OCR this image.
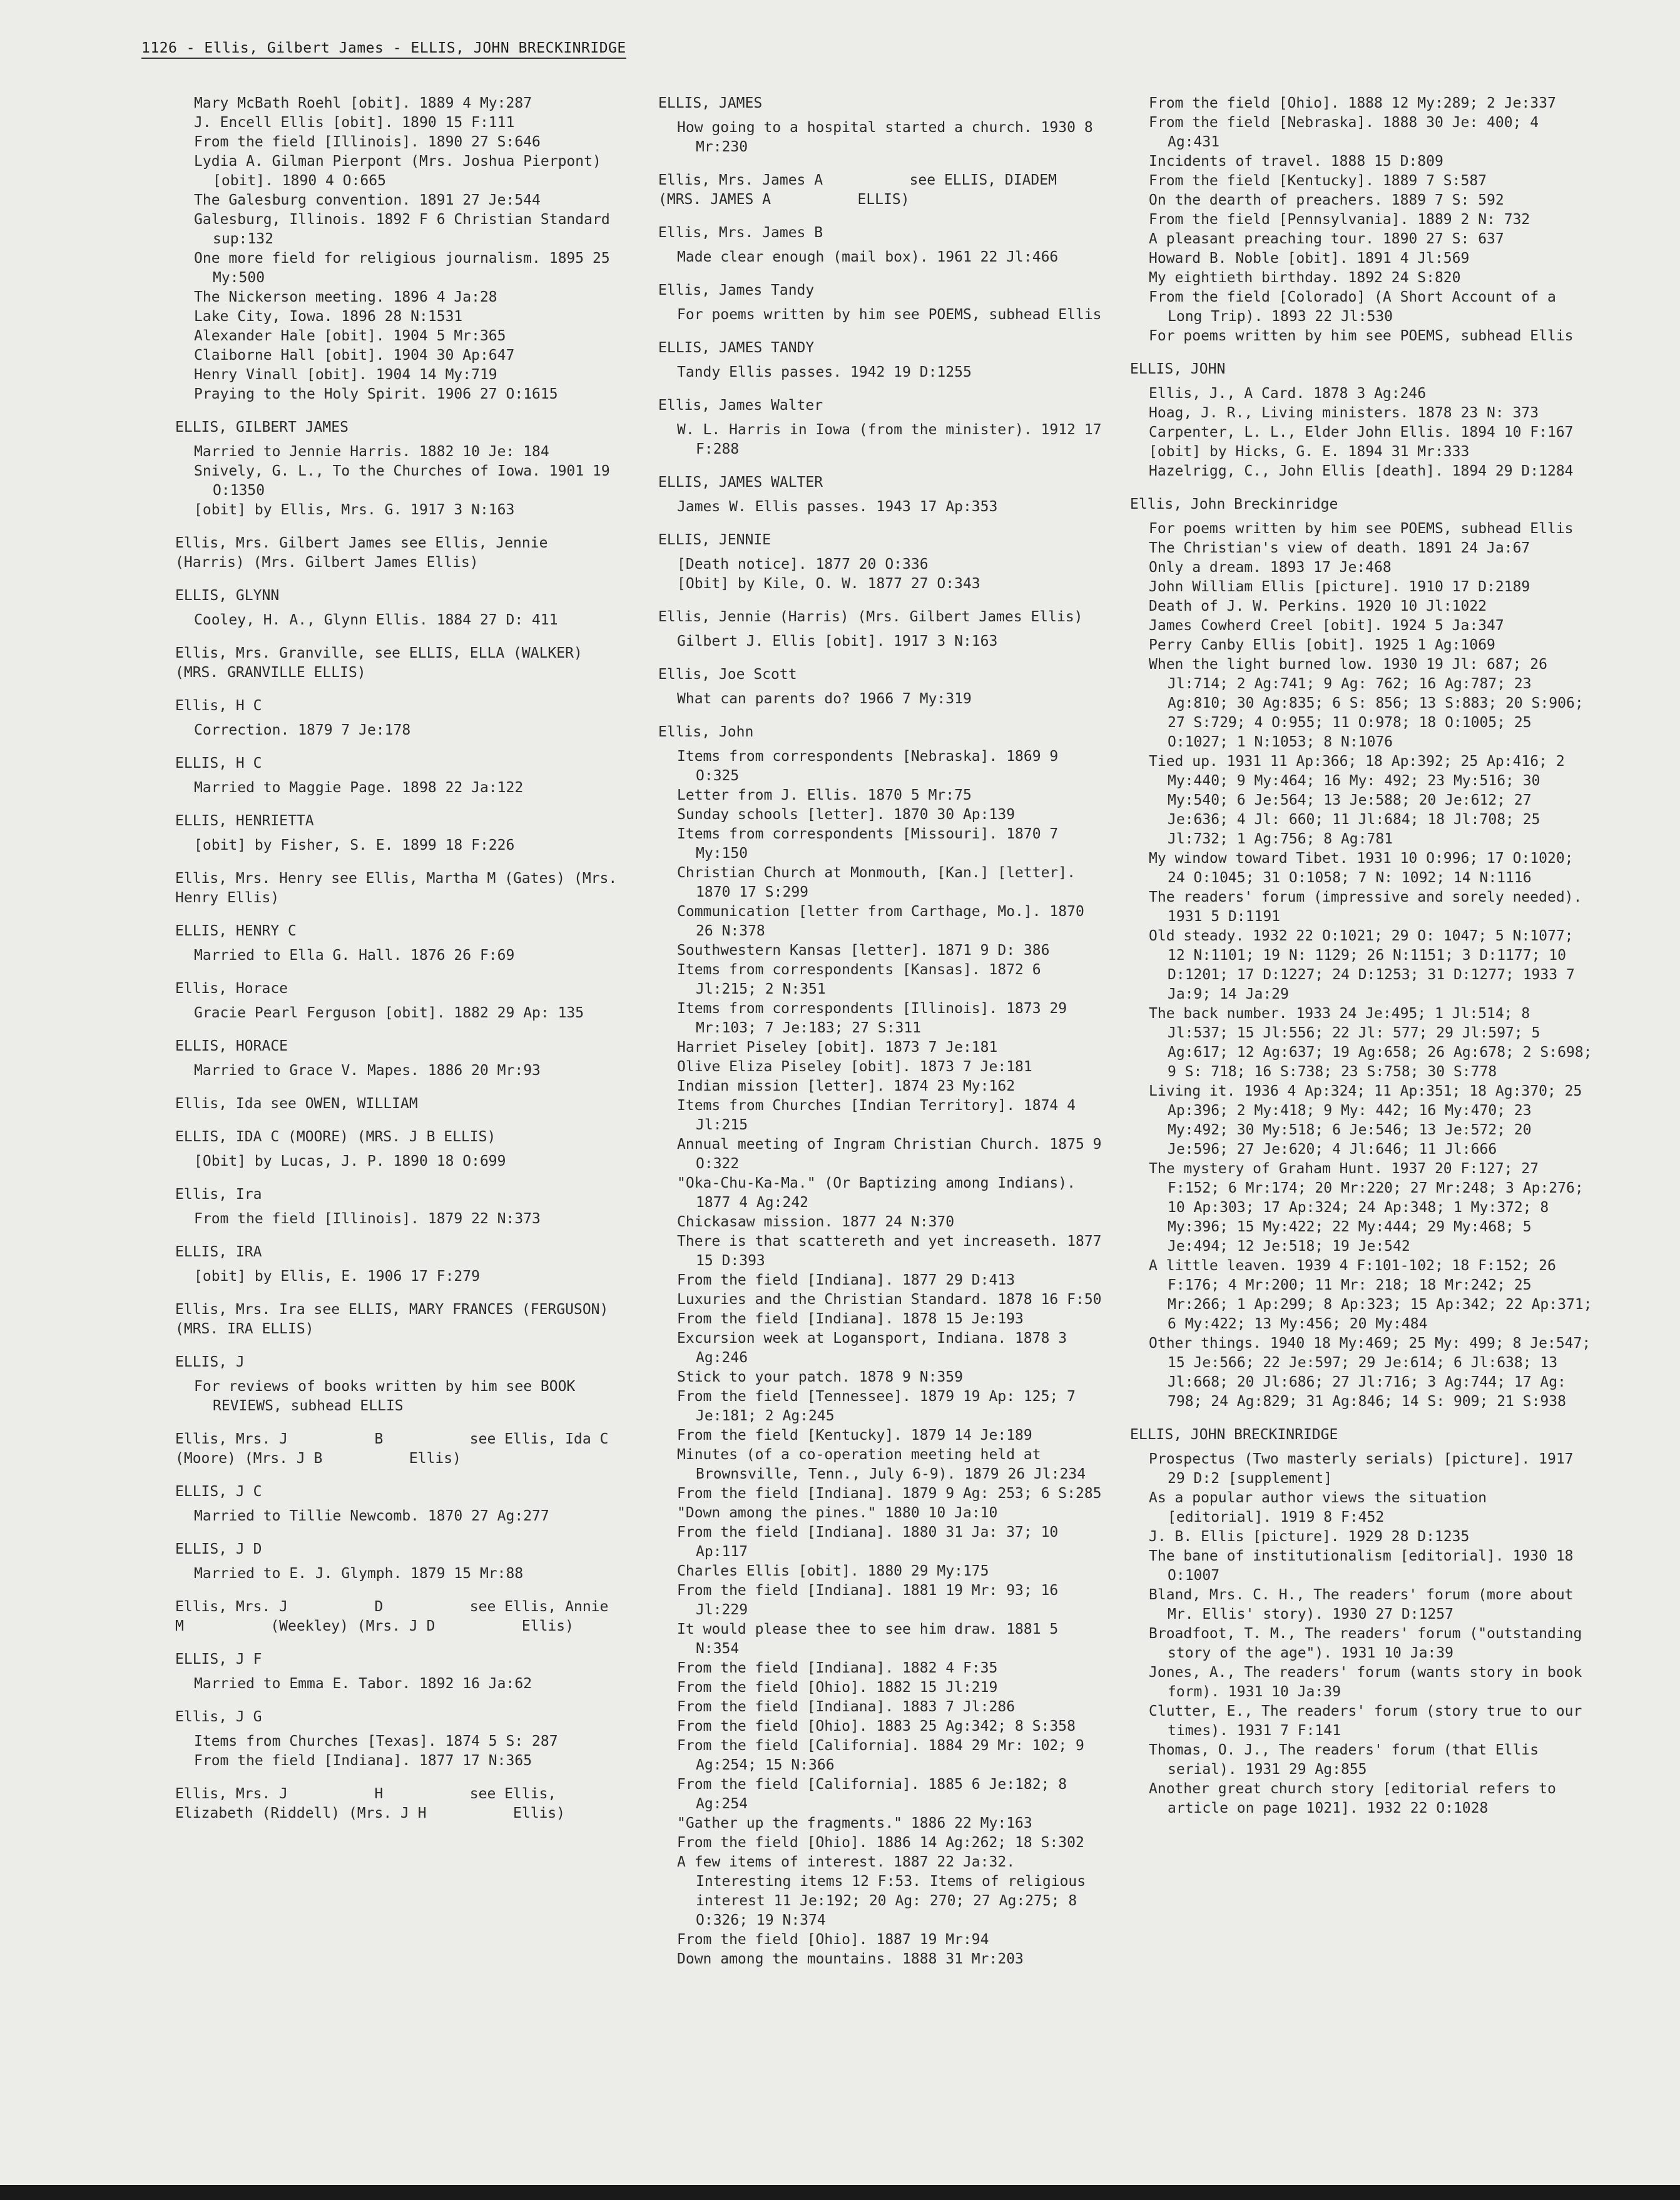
1126 - Ellis, Gilbert James - ELLIS, JOHN BRECKINRIDGE
Mary McBath Roehl [obit]. 1889 4 My:287
J. Encell Ellis [obit]. 1890 15 F:111
From the field [Illinois]. 1890 27 S:646
Lydia A. Gilman Pierpont (Mrs. Joshua Pierpont) [obit]. 1890 4 O:665
The Galesburg convention. 1891 27 Je:544
Galesburg, Illinois. 1892 F 6 Christian Standard sup:132
One more field for religious journalism. 1895 25 My:500
The Nickerson meeting. 1896 4 Ja:28
Lake City, Iowa. 1896 28 N:1531
Alexander Hale [obit]. 1904 5 Mr:365
Claiborne Hall [obit]. 1904 30 Ap:647
Henry Vinall [obit]. 1904 14 My:719
Praying to the Holy Spirit. 1906 27 O:1615
ELLIS, GILBERT JAMES
Married to Jennie Harris. 1882 10 Je: 184
Snively, G. L., To the Churches of Iowa. 1901 19 O:1350
[obit] by Ellis, Mrs. G. 1917 3 N:163
Ellis, Mrs. Gilbert James see Ellis, Jennie (Harris) (Mrs. Gilbert James Ellis)
ELLIS, GLYNN
Cooley, H. A., Glynn Ellis. 1884 27 D: 411
Ellis, Mrs. Granville, see ELLIS, ELLA (WALKER) (MRS. GRANVILLE ELLIS)
Ellis, H C
Correction. 1879 7 Je:178
ELLIS, H C
Married to Maggie Page. 1898 22 Ja:122
ELLIS, HENRIETTA
[obit] by Fisher, S. E. 1899 18 F:226
Ellis, Mrs. Henry see Ellis, Martha M (Gates) (Mrs. Henry Ellis)
ELLIS, HENRY C
Married to Ella G. Hall. 1876 26 F:69
Ellis, Horace
Gracie Pearl Ferguson [obit]. 1882 29 Ap: 135
ELLIS, HORACE
Married to Grace V. Mapes. 1886 20 Mr:93
Ellis, Ida see OWEN, WILLIAM
ELLIS, IDA C (MOORE) (MRS. J B ELLIS)
[Obit] by Lucas, J. P. 1890 18 O:699
Ellis, Ira
From the field [Illinois]. 1879 22 N:373
ELLIS, IRA
[obit] by Ellis, E. 1906 17 F:279
Ellis, Mrs. Ira see ELLIS, MARY FRANCES (FERGUSON) (MRS. IRA ELLIS)
ELLIS, J
For reviews of books written by him see BOOK REVIEWS, subhead ELLIS
Ellis, Mrs. J          B          see Ellis, Ida C          (Moore) (Mrs. J B          Ellis)
ELLIS, J C
Married to Tillie Newcomb. 1870 27 Ag:277
ELLIS, J D
Married to E. J. Glymph. 1879 15 Mr:88
Ellis, Mrs. J          D          see Ellis, Annie M          (Weekley) (Mrs. J D          Ellis)
ELLIS, J F
Married to Emma E. Tabor. 1892 16 Ja:62
Ellis, J G
Items from Churches [Texas]. 1874 5 S: 287
From the field [Indiana]. 1877 17 N:365
Ellis, Mrs. J          H          see Ellis, Elizabeth (Riddell) (Mrs. J H          Ellis)
ELLIS, JAMES
How going to a hospital started a church. 1930 8 Mr:230
Ellis, Mrs. James A          see ELLIS, DIADEM (MRS. JAMES A          ELLIS)
Ellis, Mrs. James B
Made clear enough (mail box). 1961 22 Jl:466
Ellis, James Tandy
For poems written by him see POEMS, subhead Ellis
ELLIS, JAMES TANDY
Tandy Ellis passes. 1942 19 D:1255
Ellis, James Walter
W. L. Harris in Iowa (from the minister). 1912 17 F:288
ELLIS, JAMES WALTER
James W. Ellis passes. 1943 17 Ap:353
ELLIS, JENNIE
[Death notice]. 1877 20 O:336
[Obit] by Kile, O. W. 1877 27 O:343
Ellis, Jennie (Harris) (Mrs. Gilbert James Ellis)
Gilbert J. Ellis [obit]. 1917 3 N:163
Ellis, Joe Scott
What can parents do? 1966 7 My:319
Ellis, John
Items from correspondents [Nebraska]. 1869 9 O:325
Letter from J. Ellis. 1870 5 Mr:75
Sunday schools [letter]. 1870 30 Ap:139
Items from correspondents [Missouri]. 1870 7 My:150
Christian Church at Monmouth, [Kan.] [letter]. 1870 17 S:299
Communication [letter from Carthage, Mo.]. 1870 26 N:378
Southwestern Kansas [letter]. 1871 9 D: 386
Items from correspondents [Kansas]. 1872 6 Jl:215; 2 N:351
Items from correspondents [Illinois]. 1873 29 Mr:103; 7 Je:183; 27 S:311
Harriet Piseley [obit]. 1873 7 Je:181
Olive Eliza Piseley [obit]. 1873 7 Je:181
Indian mission [letter]. 1874 23 My:162
Items from Churches [Indian Territory]. 1874 4 Jl:215
Annual meeting of Ingram Christian Church. 1875 9 O:322
"Oka-Chu-Ka-Ma." (Or Baptizing among Indians). 1877 4 Ag:242
Chickasaw mission. 1877 24 N:370
There is that scattereth and yet increaseth. 1877 15 D:393
From the field [Indiana]. 1877 29 D:413
Luxuries and the Christian Standard. 1878 16 F:50
From the field [Indiana]. 1878 15 Je:193
Excursion week at Logansport, Indiana. 1878 3 Ag:246
Stick to your patch. 1878 9 N:359
From the field [Tennessee]. 1879 19 Ap: 125; 7 Je:181; 2 Ag:245
From the field [Kentucky]. 1879 14 Je:189
Minutes (of a co-operation meeting held at Brownsville, Tenn., July 6-9). 1879 26 Jl:234
From the field [Indiana]. 1879 9 Ag: 253; 6 S:285
"Down among the pines." 1880 10 Ja:10
From the field [Indiana]. 1880 31 Ja: 37; 10 Ap:117
Charles Ellis [obit]. 1880 29 My:175
From the field [Indiana]. 1881 19 Mr: 93; 16 Jl:229
It would please thee to see him draw. 1881 5 N:354
From the field [Indiana]. 1882 4 F:35
From the field [Ohio]. 1882 15 Jl:219
From the field [Indiana]. 1883 7 Jl:286
From the field [Ohio]. 1883 25 Ag:342; 8 S:358
From the field [California]. 1884 29 Mr: 102; 9 Ag:254; 15 N:366
From the field [California]. 1885 6 Je:182; 8 Ag:254
"Gather up the fragments." 1886 22 My:163
From the field [Ohio]. 1886 14 Ag:262; 18 S:302
A few items of interest. 1887 22 Ja:32. Interesting items 12 F:53. Items of religious interest 11 Je:192; 20 Ag: 270; 27 Ag:275; 8 O:326; 19 N:374
From the field [Ohio]. 1887 19 Mr:94
Down among the mountains. 1888 31 Mr:203
From the field [Ohio]. 1888 12 My:289; 2 Je:337
From the field [Nebraska]. 1888 30 Je: 400; 4 Ag:431
Incidents of travel. 1888 15 D:809
From the field [Kentucky]. 1889 7 S:587
On the dearth of preachers. 1889 7 S: 592
From the field [Pennsylvania]. 1889 2 N: 732
A pleasant preaching tour. 1890 27 S: 637
Howard B. Noble [obit]. 1891 4 Jl:569
My eightieth birthday. 1892 24 S:820
From the field [Colorado] (A Short Account of a Long Trip). 1893 22 Jl:530
For poems written by him see POEMS, subhead Ellis
ELLIS, JOHN
Ellis, J., A Card. 1878 3 Ag:246
Hoag, J. R., Living ministers. 1878 23 N: 373
Carpenter, L. L., Elder John Ellis. 1894 10 F:167
[obit] by Hicks, G. E. 1894 31 Mr:333
Hazelrigg, C., John Ellis [death]. 1894 29 D:1284
Ellis, John Breckinridge
For poems written by him see POEMS, subhead Ellis
The Christian's view of death. 1891 24 Ja:67
Only a dream. 1893 17 Je:468
John William Ellis [picture]. 1910 17 D:2189
Death of J. W. Perkins. 1920 10 Jl:1022
James Cowherd Creel [obit]. 1924 5 Ja:347
Perry Canby Ellis [obit]. 1925 1 Ag:1069
When the light burned low. 1930 19 Jl: 687; 26 Jl:714; 2 Ag:741; 9 Ag: 762; 16 Ag:787; 23 Ag:810; 30 Ag:835; 6 S: 856; 13 S:883; 20 S:906; 27 S:729; 4 O:955; 11 O:978; 18 O:1005; 25 O:1027; 1 N:1053; 8 N:1076
Tied up. 1931 11 Ap:366; 18 Ap:392; 25 Ap:416; 2 My:440; 9 My:464; 16 My: 492; 23 My:516; 30 My:540; 6 Je:564; 13 Je:588; 20 Je:612; 27 Je:636; 4 Jl: 660; 11 Jl:684; 18 Jl:708; 25 Jl:732; 1 Ag:756; 8 Ag:781
My window toward Tibet. 1931 10 O:996; 17 O:1020; 24 O:1045; 31 O:1058; 7 N: 1092; 14 N:1116
The readers' forum (impressive and sorely needed). 1931 5 D:1191
Old steady. 1932 22 O:1021; 29 O: 1047; 5 N:1077; 12 N:1101; 19 N: 1129; 26 N:1151; 3 D:1177; 10 D:1201; 17 D:1227; 24 D:1253; 31 D:1277; 1933 7 Ja:9; 14 Ja:29
The back number. 1933 24 Je:495; 1 Jl:514; 8 Jl:537; 15 Jl:556; 22 Jl: 577; 29 Jl:597; 5 Ag:617; 12 Ag:637; 19 Ag:658; 26 Ag:678; 2 S:698; 9 S: 718; 16 S:738; 23 S:758; 30 S:778
Living it. 1936 4 Ap:324; 11 Ap:351; 18 Ag:370; 25 Ap:396; 2 My:418; 9 My: 442; 16 My:470; 23 My:492; 30 My:518; 6 Je:546; 13 Je:572; 20 Je:596; 27 Je:620; 4 Jl:646; 11 Jl:666
The mystery of Graham Hunt. 1937 20 F:127; 27 F:152; 6 Mr:174; 20 Mr:220; 27 Mr:248; 3 Ap:276; 10 Ap:303; 17 Ap:324; 24 Ap:348; 1 My:372; 8 My:396; 15 My:422; 22 My:444; 29 My:468; 5 Je:494; 12 Je:518; 19 Je:542
A little leaven. 1939 4 F:101-102; 18 F:152; 26 F:176; 4 Mr:200; 11 Mr: 218; 18 Mr:242; 25 Mr:266; 1 Ap:299; 8 Ap:323; 15 Ap:342; 22 Ap:371; 6 My:422; 13 My:456; 20 My:484
Other things. 1940 18 My:469; 25 My: 499; 8 Je:547; 15 Je:566; 22 Je:597; 29 Je:614; 6 Jl:638; 13 Jl:668; 20 Jl:686; 27 Jl:716; 3 Ag:744; 17 Ag: 798; 24 Ag:829; 31 Ag:846; 14 S: 909; 21 S:938
ELLIS, JOHN BRECKINRIDGE
Prospectus (Two masterly serials) [picture]. 1917 29 D:2 [supplement]
As a popular author views the situation [editorial]. 1919 8 F:452
J. B. Ellis [picture]. 1929 28 D:1235
The bane of institutionalism [editorial]. 1930 18 O:1007
Bland, Mrs. C. H., The readers' forum (more about Mr. Ellis' story). 1930 27 D:1257
Broadfoot, T. M., The readers' forum ("outstanding story of the age"). 1931 10 Ja:39
Jones, A., The readers' forum (wants story in book form). 1931 10 Ja:39
Clutter, E., The readers' forum (story true to our times). 1931 7 F:141
Thomas, O. J., The readers' forum (that Ellis serial). 1931 29 Ag:855
Another great church story [editorial refers to article on page 1021]. 1932 22 O:1028
